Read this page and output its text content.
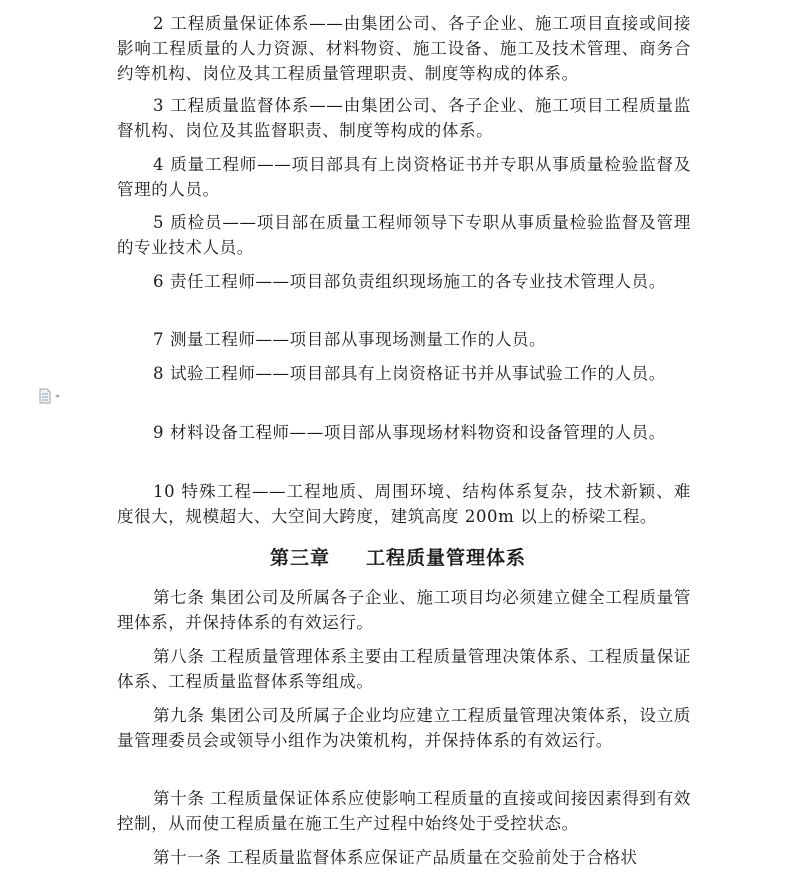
2 工程质量保证体系——由集团公司、各子企业、施工项目直接或间接影响工程质量的人力资源、材料物资、施工设备、施工及技术管理、商务合约等机构、岗位及其工程质量管理职责、制度等构成的体系。

3 工程质量监督体系——由集团公司、各子企业、施工项目工程质量监督机构、岗位及其监督职责、制度等构成的体系。

4 质量工程师——项目部具有上岗资格证书并专职从事质量检验监督及管理的人员。

5 质检员——项目部在质量工程师领导下专职从事质量检验监督及管理的专业技术人员。

6 责任工程师——项目部负责组织现场施工的各专业技术管理人员。

7 测量工程师——项目部从事现场测量工作的人员。

8 试验工程师——项目部具有上岗资格证书并从事试验工作的人员。

9 材料设备工程师——项目部从事现场材料物资和设备管理的人员。

10 特殊工程——工程地质、周围环境、结构体系复杂，技术新颖、难度很大，规模超大、大空间大跨度，建筑高度 200m 以上的桥梁工程。

第三章 工程质量管理体系

第七条 集团公司及所属各子企业、施工项目均必须建立健全工程质量管理体系，并保持体系的有效运行。

第八条 工程质量管理体系主要由工程质量管理决策体系、工程质量保证体系、工程质量监督体系等组成。

第九条 集团公司及所属子企业均应建立工程质量管理决策体系，设立质量管理委员会或领导小组作为决策机构，并保持体系的有效运行。

第十条 工程质量保证体系应使影响工程质量的直接或间接因素得到有效控制，从而使工程质量在施工生产过程中始终处于受控状态。

第十一条 工程质量监督体系应保证产品质量在交验前处于合格状
